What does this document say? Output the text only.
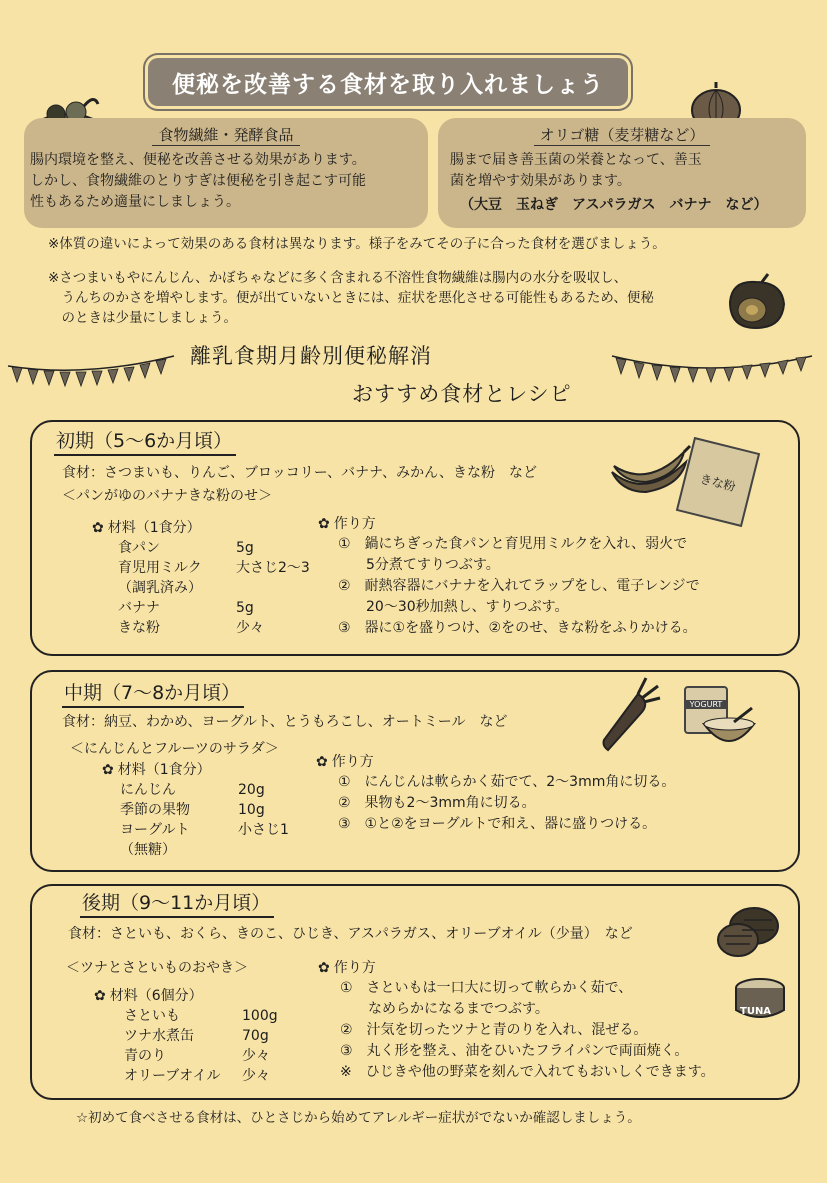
便秘を改善する食材を取り入れましょう
食物繊維・発酵食品
腸内環境を整え、便秘を改善させる効果があります。
しかし、食物繊維のとりすぎは便秘を引き起こす可能
性もあるため適量にしましょう。
オリゴ糖（麦芽糖など）
腸まで届き善玉菌の栄養となって、善玉
菌を増やす効果があります。
（大豆　玉ねぎ　アスパラガス　バナナ　など）
※体質の違いによって効果のある食材は異なります。様子をみてその子に合った食材を選びましょう。
※さつまいもやにんじん、かぼちゃなどに多く含まれる不溶性食物繊維は腸内の水分を吸収し、
　うんちのかさを増やします。便が出ていないときには、症状を悪化させる可能性もあるため、便秘
　のときは少量にしましょう。
離乳食期月齢別便秘解消
おすすめ食材とレシピ
初期（5〜6か月頃）
食材：さつまいも、りんご、ブロッコリー、バナナ、みかん、きな粉　など
＜パンがゆのバナナきな粉のせ＞
✿ 材料（1食分）
食パン	5g
育児用ミルク	大さじ2〜3
（調乳済み）
バナナ	5g
きな粉	少々
✿ 作り方
①　鍋にちぎった食パンと育児用ミルクを入れ、弱火で
　　5分煮てすりつぶす。
②　耐熱容器にバナナを入れてラップをし、電子レンジで
　　20〜30秒加熱し、すりつぶす。
③　器に①を盛りつけ、②をのせ、きな粉をふりかける。
きな粉
中期（7〜8か月頃）
食材：納豆、わかめ、ヨーグルト、とうもろこし、オートミール　など
＜にんじんとフルーツのサラダ＞
✿ 材料（1食分）
にんじん	20g
季節の果物	10g
ヨーグルト	小さじ1
（無糖）
✿ 作り方
①　にんじんは軟らかく茹でて、2〜3mm角に切る。
②　果物も2〜3mm角に切る。
③　①と②をヨーグルトで和え、器に盛りつける。
YOGURT
後期（9〜11か月頃）
食材：さといも、おくら、きのこ、ひじき、アスパラガス、オリーブオイル（少量）　など
＜ツナとさといものおやき＞
✿ 材料（6個分）
さといも	100g
ツナ水煮缶	70g
青のり	少々
オリーブオイル	少々
✿ 作り方
①　さといもは一口大に切って軟らかく茹で、
　　なめらかになるまでつぶす。
②　汁気を切ったツナと青のりを入れ、混ぜる。
③　丸く形を整え、油をひいたフライパンで両面焼く。
※　ひじきや他の野菜を刻んで入れてもおいしくできます。
TUNA
☆初めて食べさせる食材は、ひとさじから始めてアレルギー症状がでないか確認しましょう。
